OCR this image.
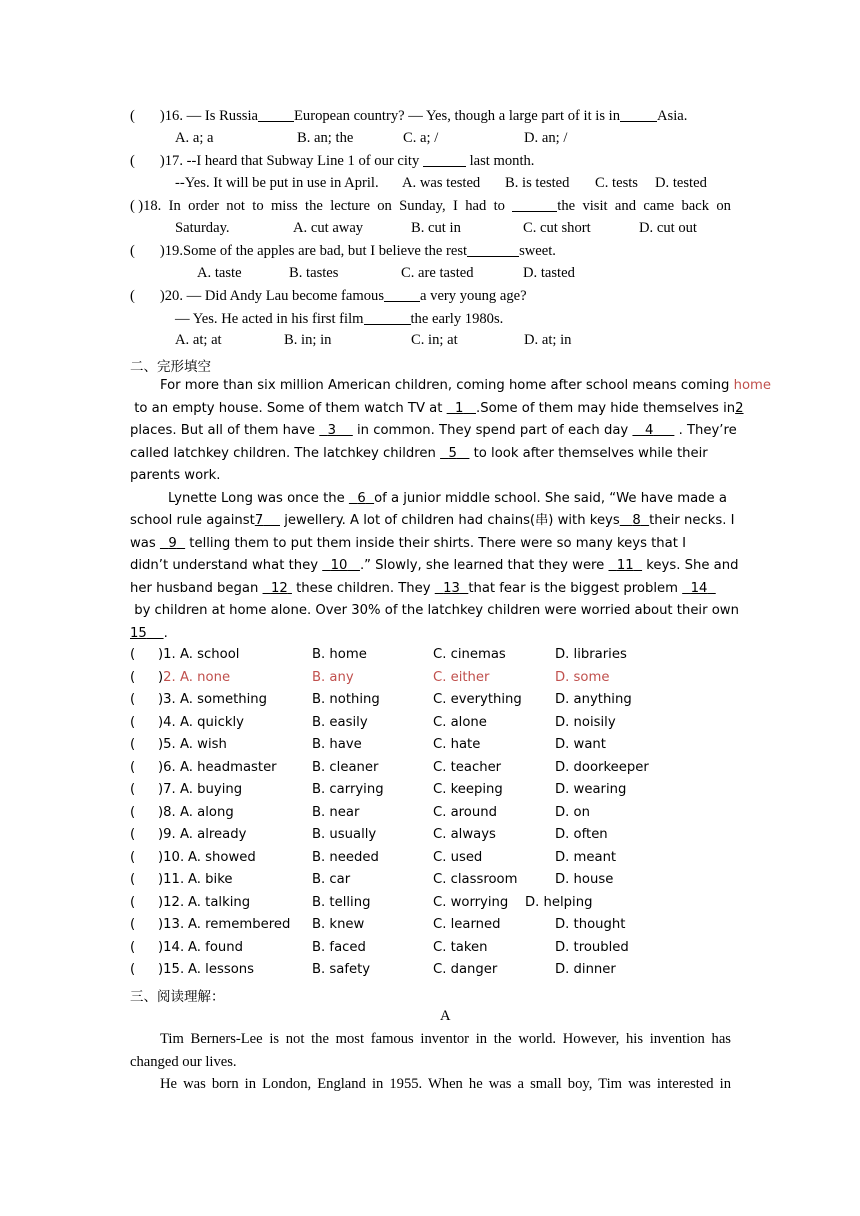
( )16. — Is Russia European country? — Yes, though a large part of it is in	Asia.
A. a; a	B. an; the	C. a; /	D. an; /
( )17. --I heard that Subway Line 1 of our city	last month.
--Yes. It will be put in use in April. A. was tested B. is tested C. tests D. tested
( )18. In order not to miss the lecture on Sunday, I had to	the visit and came back on
Saturday.	A. cut away	B. cut in	C. cut short	D. cut out
( )19.Some of the apples are bad, but I believe the rest	sweet.
A. taste	B. tastes	C. are tasted	D. tasted
( )20. — Did Andy Lau become famous a very young age?
— Yes. He acted in his first film	the early 1980s.
A. at; at	B. in; in	C. in; at	D. at; in
二、完形填空
For more than six million American children, coming home after school means coming home
to an empty house. Some of them watch TV at   1 .Some of them may hide themselves in2
places. But all of them have   3     in common. They spend part of each day    4      . They’re
called latchkey children. The latchkey children   5    to look after themselves while their
parents work.
Lynette Long was once the   6 of a junior middle school. She said, “We have made a
school rule against7     jewellery. A lot of children had chains(串) with keys 8 their necks. I
was   9   telling them to put them inside their shirts. There were so many keys that I
didn’t understand what they   10 .” Slowly, she learned that they were   11   keys. She and
her husband began   12  these children. They   13 that fear is the biggest problem   14
by children at home alone. Over 30% of the latchkey children were worried about their own
15 .
( )1. A. school	B. home	C. cinemas	D. libraries
( )2. A. none	B. any	C. either	D. some
( )3. A. something	B. nothing	C. everything	D. anything
( )4. A. quickly	B. easily	C. alone	D. noisily
( )5. A. wish	B. have	C. hate	D. want
( )6. A. headmaster	B. cleaner	C. teacher	D. doorkeeper
( )7. A. buying	B. carrying	C. keeping	D. wearing
( )8. A. along	B. near	C. around	D. on
( )9. A. already	B. usually	C. always	D. often
( )10. A. showed	B. needed	C. used	D. meant
( )11. A. bike	B. car	C. classroom	D. house
( )12. A. talking	B. telling	C. worrying D. helping
( )13. A. remembered B. knew	C. learned	D. thought
( )14. A. found	B. faced	C. taken	D. troubled
( )15. A. lessons	B. safety	C. danger	D. dinner
三、阅读理解：
A
Tim Berners-Lee is not the most famous inventor in the world. However, his invention has
changed our lives.
He was born in London, England in 1955. When he was a small boy, Tim was interested in
